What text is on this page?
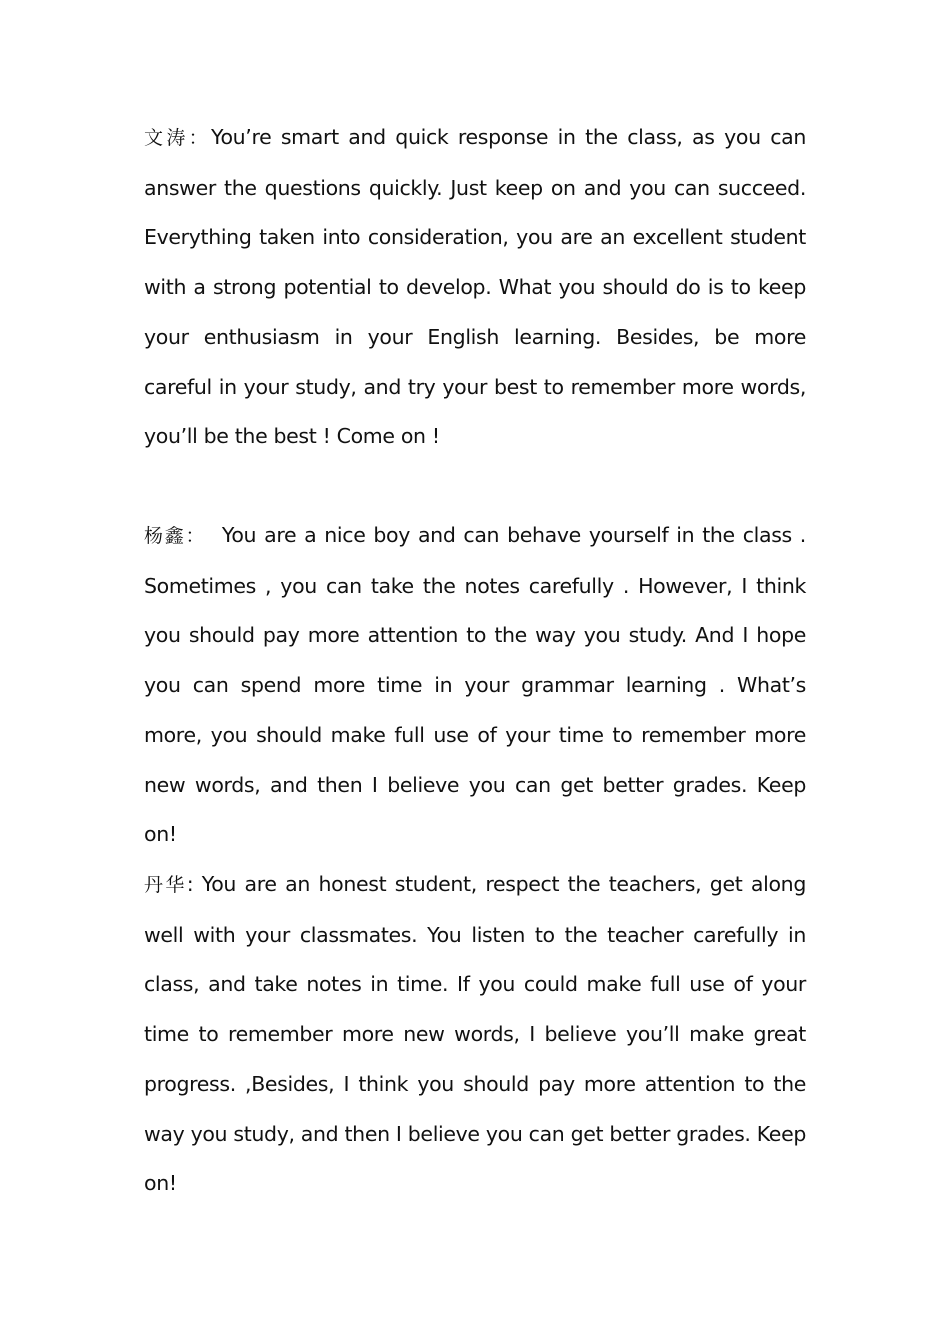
文涛：You’re smart and quick response in the class, as you can answer the questions quickly. Just keep on and you can succeed. Everything taken into consideration, you are an excellent student with a strong potential to develop. What you should do is to keep your enthusiasm in your English learning. Besides, be more careful in your study, and try your best to remember more words, you’ll be the best ! Come on !

杨鑫：  You are a nice boy and can behave yourself in the class . Sometimes , you can take the notes carefully . However, I think you should pay more attention to the way you study. And I hope you can spend more time in your grammar learning . What’s more, you should make full use of your time to remember more new words, and then I believe you can get better grades. Keep on!

丹华: You are an honest student, respect the teachers, get along well with your classmates. You listen to the teacher carefully in class, and take notes in time. If you could make full use of your time to remember more new words, I believe you’ll make great progress. ,Besides, I think you should pay more attention to the way you study, and then I believe you can get better grades. Keep on!
